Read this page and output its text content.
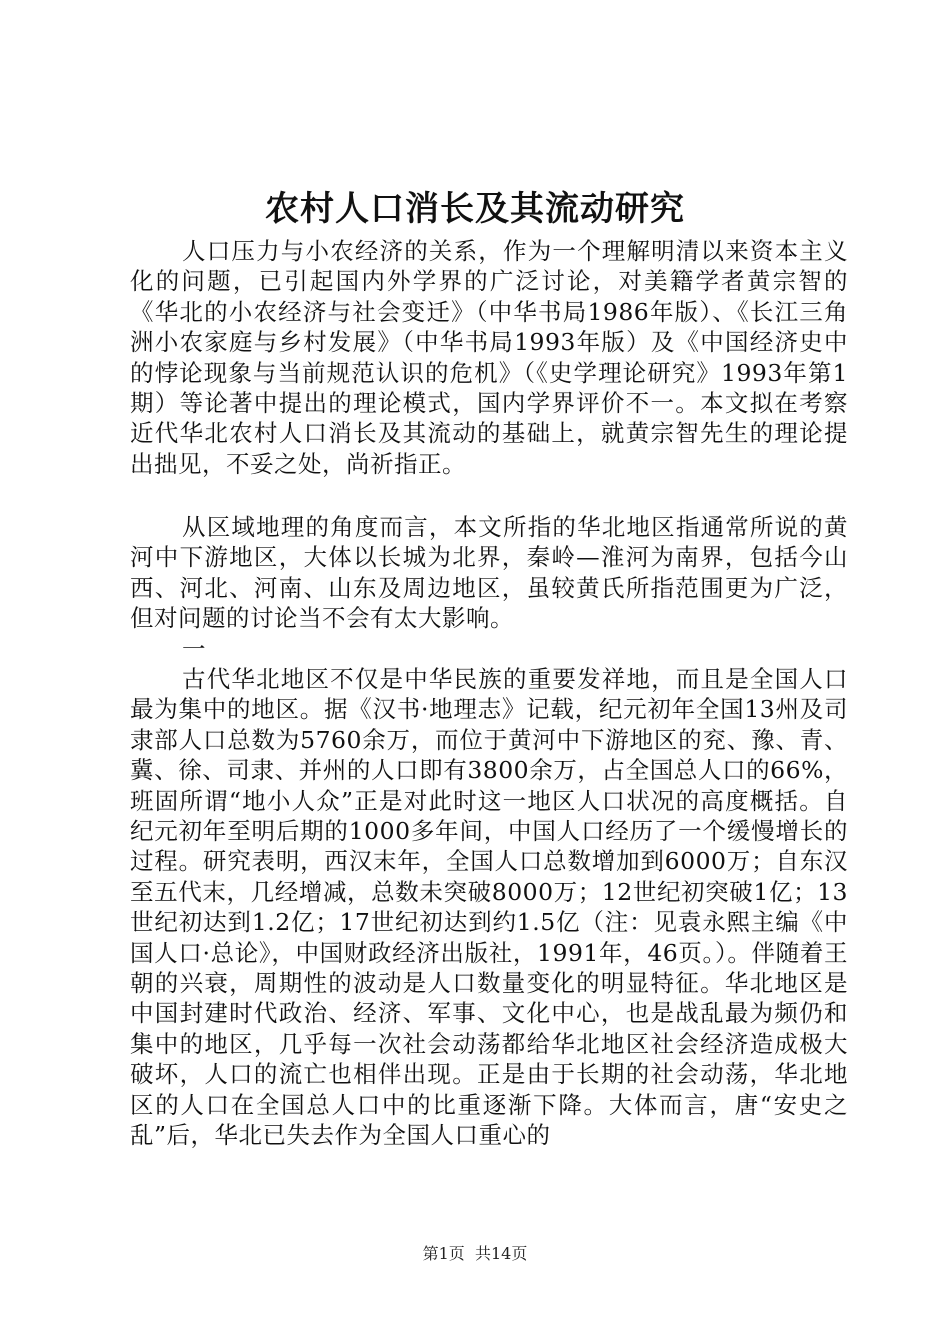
农村人口消长及其流动研究

人口压力与小农经济的关系，作为一个理解明清以来资本主义化的问题，已引起国内外学界的广泛讨论，对美籍学者黄宗智的《华北的小农经济与社会变迁》（中华书局1986年版）、《长江三角洲小农家庭与乡村发展》（中华书局1993年版）及《中国经济史中的悖论现象与当前规范认识的危机》（《史学理论研究》1993年第1期）等论著中提出的理论模式，国内学界评价不一。本文拟在考察近代华北农村人口消长及其流动的基础上，就黄宗智先生的理论提出拙见，不妥之处，尚祈指正。

从区域地理的角度而言，本文所指的华北地区指通常所说的黄河中下游地区，大体以长城为北界，秦岭—淮河为南界，包括今山西、河北、河南、山东及周边地区，虽较黄氏所指范围更为广泛，但对问题的讨论当不会有太大影响。

一

古代华北地区不仅是中华民族的重要发祥地，而且是全国人口最为集中的地区。据《汉书·地理志》记载，纪元初年全国13州及司隶部人口总数为5760余万，而位于黄河中下游地区的兖、豫、青、冀、徐、司隶、并州的人口即有3800余万，占全国总人口的66%，班固所谓“地小人众”正是对此时这一地区人口状况的高度概括。自纪元初年至明后期的1000多年间，中国人口经历了一个缓慢增长的过程。研究表明，西汉末年，全国人口总数增加到6000万；自东汉至五代末，几经增减，总数未突破8000万；12世纪初突破1亿；13世纪初达到1.2亿；17世纪初达到约1.5亿（注：见袁永熙主编《中国人口·总论》，中国财政经济出版社，1991年，46页。）。伴随着王朝的兴衰，周期性的波动是人口数量变化的明显特征。华北地区是中国封建时代政治、经济、军事、文化中心，也是战乱最为频仍和集中的地区，几乎每一次社会动荡都给华北地区社会经济造成极大破坏，人口的流亡也相伴出现。正是由于长期的社会动荡，华北地区的人口在全国总人口中的比重逐渐下降。大体而言，唐“安史之乱”后，华北已失去作为全国人口重心的

第1页 共14页
